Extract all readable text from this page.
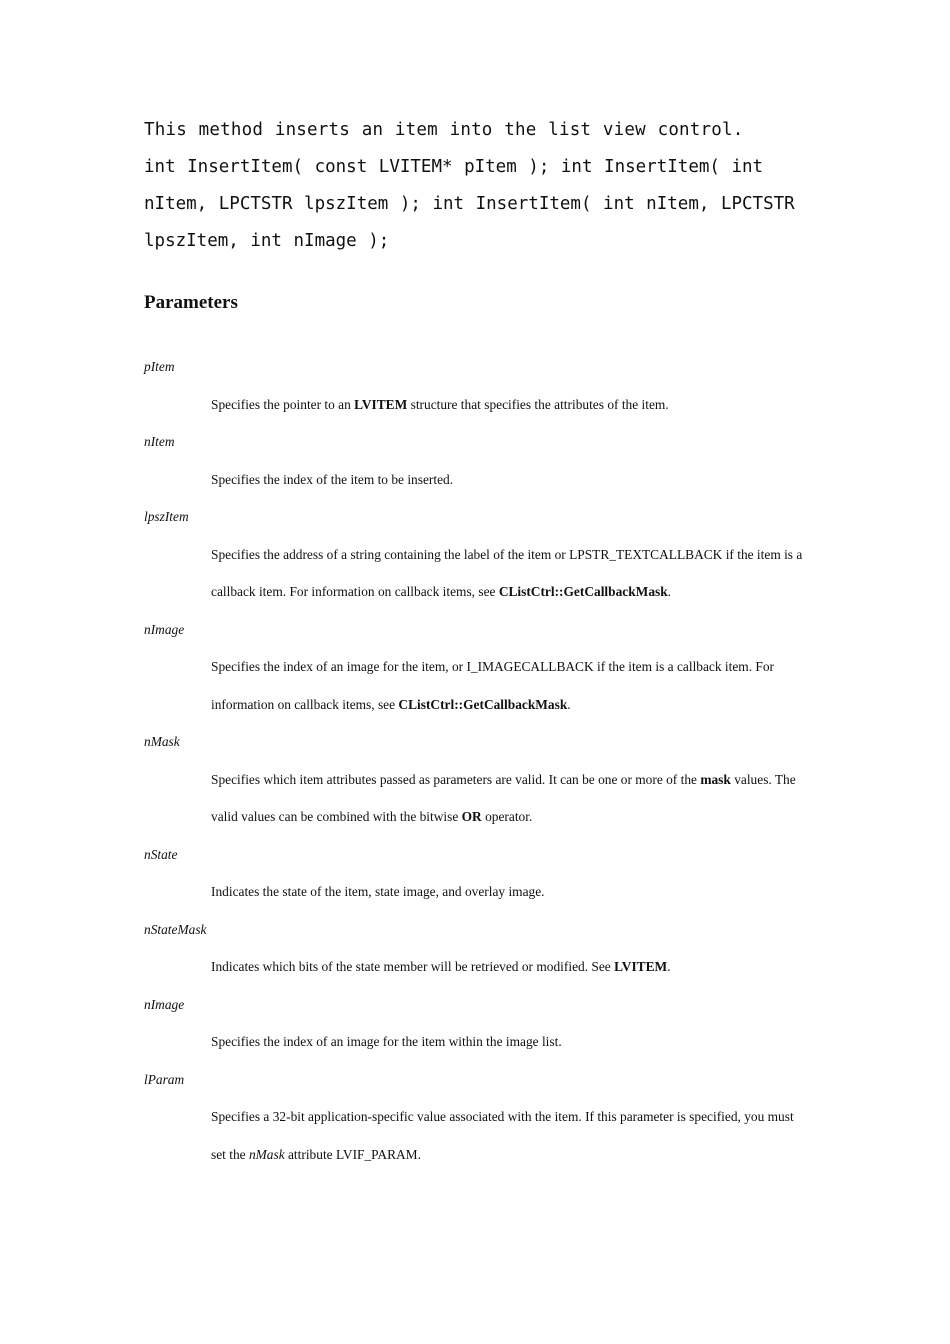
This method inserts an item into the list view control.

int InsertItem( const LVITEM* pItem ); int InsertItem( int nItem, LPCTSTR lpszItem ); int InsertItem( int nItem, LPCTSTR lpszItem, int nImage );

Parameters

pItem

Specifies the pointer to an LVITEM structure that specifies the attributes of the item.

nItem

Specifies the index of the item to be inserted.

lpszItem

Specifies the address of a string containing the label of the item or LPSTR_TEXTCALLBACK if the item is a callback item. For information on callback items, see CListCtrl::GetCallbackMask.

nImage

Specifies the index of an image for the item, or I_IMAGECALLBACK if the item is a callback item. For information on callback items, see CListCtrl::GetCallbackMask.

nMask

Specifies which item attributes passed as parameters are valid. It can be one or more of the mask values. The valid values can be combined with the bitwise OR operator.

nState

Indicates the state of the item, state image, and overlay image.

nStateMask

Indicates which bits of the state member will be retrieved or modified. See LVITEM.

nImage

Specifies the index of an image for the item within the image list.

lParam

Specifies a 32-bit application-specific value associated with the item. If this parameter is specified, you must set the nMask attribute LVIF_PARAM.
